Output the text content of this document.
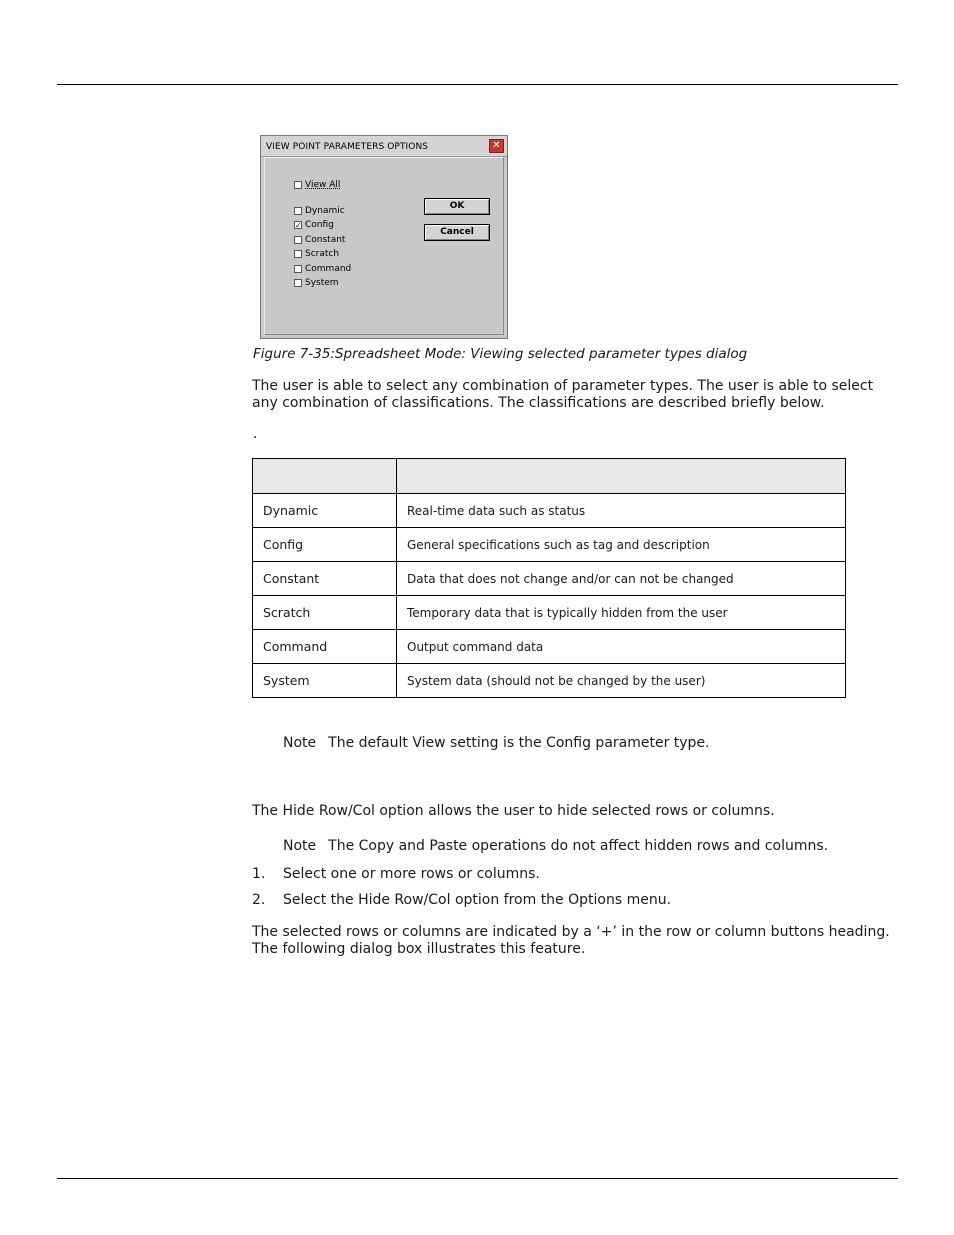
VIEW POINT PARAMETERS OPTIONS	✕
View All
Dynamic
✓ Config
Constant
Scratch
Command
System
OK
Cancel
Figure 7-35:Spreadsheet Mode: Viewing selected parameter types dialog
The user is able to select any combination of parameter types. The user is able to select any combination of classifications. The classifications are described briefly below.
.

Dynamic	Real-time data such as status
Config	General specifications such as tag and description
Constant	Data that does not change and/or can not be changed
Scratch	Temporary data that is typically hidden from the user
Command	Output command data
System	System data (should not be changed by the user)
Note The default View setting is the Config parameter type.
The Hide Row/Col option allows the user to hide selected rows or columns.
Note The Copy and Paste operations do not affect hidden rows and columns.
1. Select one or more rows or columns.
2. Select the Hide Row/Col option from the Options menu.
The selected rows or columns are indicated by a ‘+’ in the row or column buttons heading. The following dialog box illustrates this feature.
